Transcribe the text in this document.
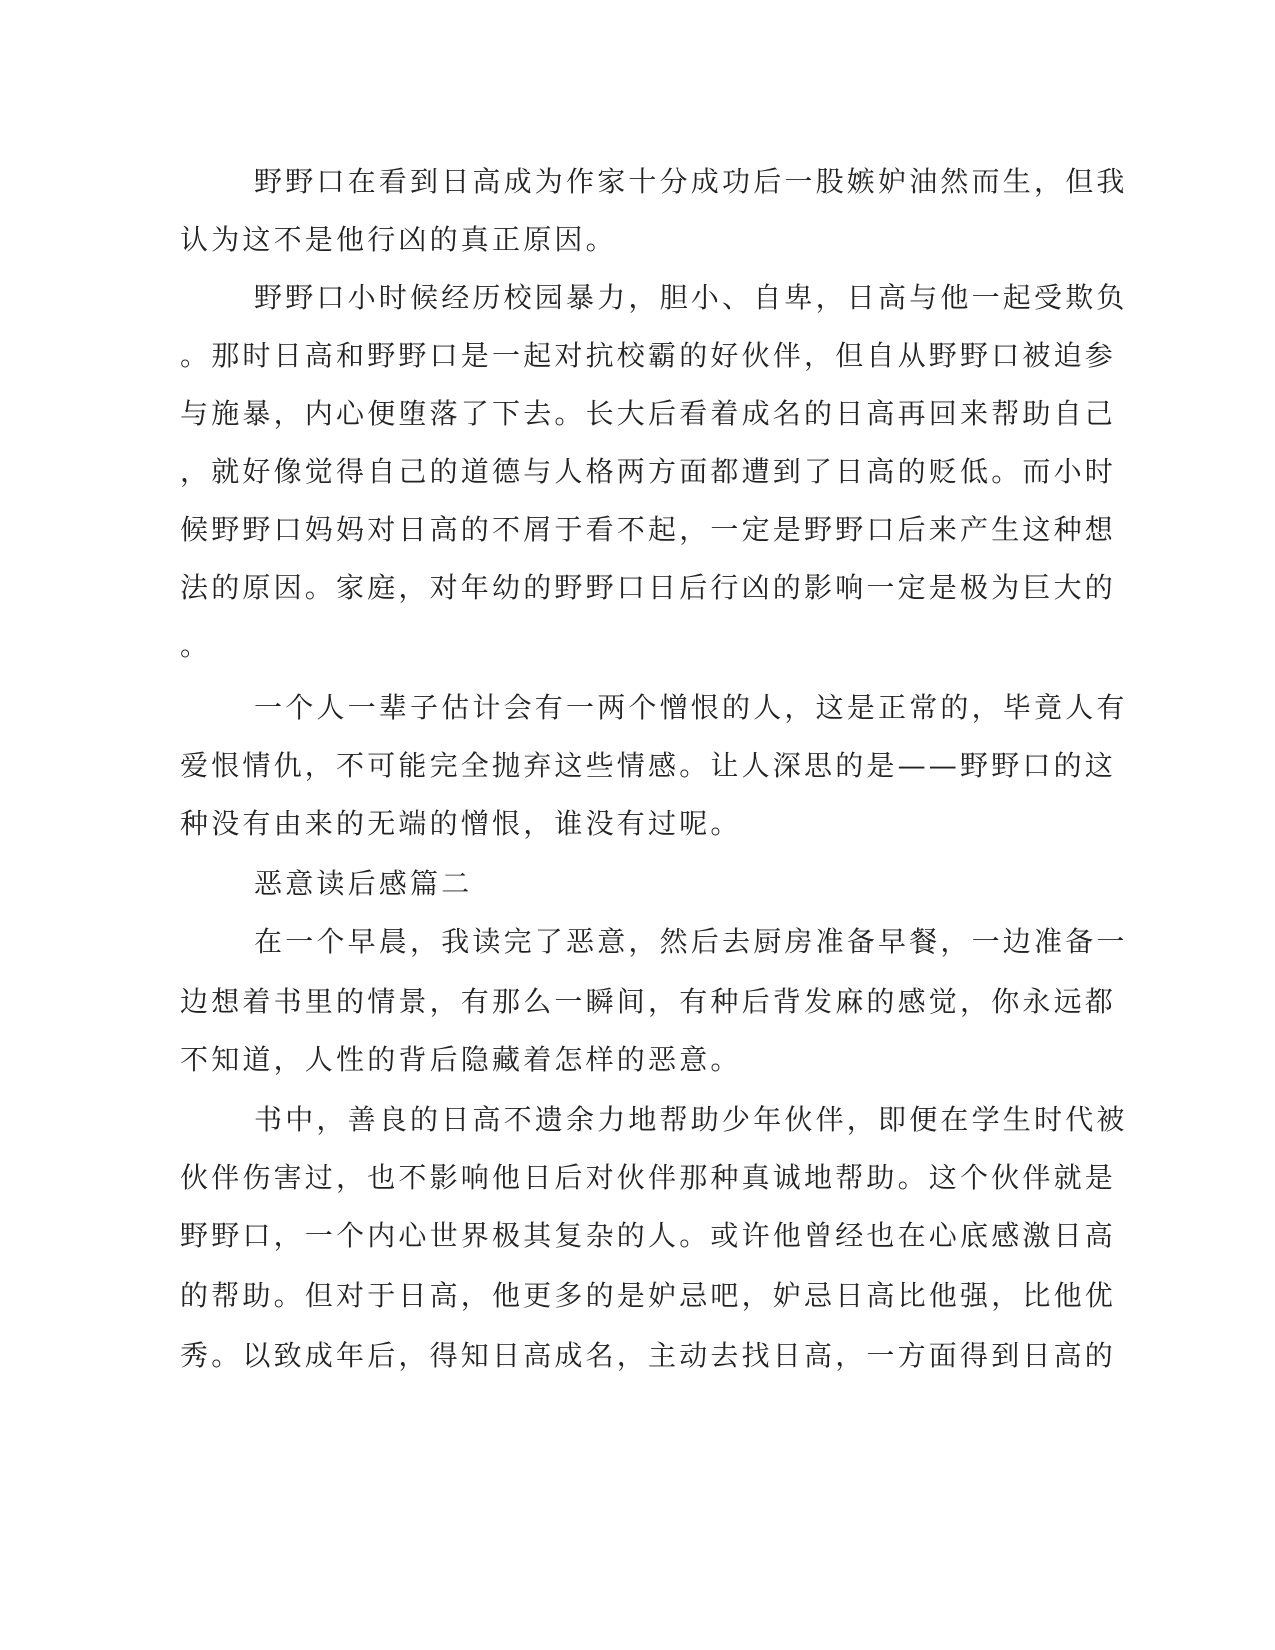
野野口在看到日高成为作家十分成功后一股嫉妒油然而生，但我
认为这不是他行凶的真正原因。
野野口小时候经历校园暴力，胆小、自卑，日高与他一起受欺负
。那时日高和野野口是一起对抗校霸的好伙伴，但自从野野口被迫参
与施暴，内心便堕落了下去。长大后看着成名的日高再回来帮助自己
，就好像觉得自己的道德与人格两方面都遭到了日高的贬低。而小时
候野野口妈妈对日高的不屑于看不起，一定是野野口后来产生这种想
法的原因。家庭，对年幼的野野口日后行凶的影响一定是极为巨大的
。
一个人一辈子估计会有一两个憎恨的人，这是正常的，毕竟人有
爱恨情仇，不可能完全抛弃这些情感。让人深思的是——野野口的这
种没有由来的无端的憎恨，谁没有过呢。
恶意读后感篇二
在一个早晨，我读完了恶意，然后去厨房准备早餐，一边准备一
边想着书里的情景，有那么一瞬间，有种后背发麻的感觉，你永远都
不知道，人性的背后隐藏着怎样的恶意。
书中，善良的日高不遗余力地帮助少年伙伴，即便在学生时代被
伙伴伤害过，也不影响他日后对伙伴那种真诚地帮助。这个伙伴就是
野野口，一个内心世界极其复杂的人。或许他曾经也在心底感激日高
的帮助。但对于日高，他更多的是妒忌吧，妒忌日高比他强，比他优
秀。以致成年后，得知日高成名，主动去找日高，一方面得到日高的
